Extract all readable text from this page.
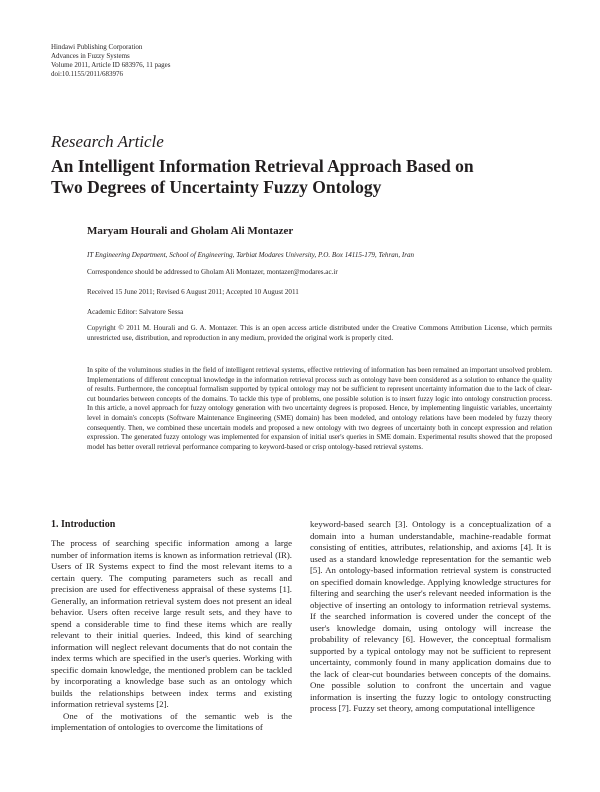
Hindawi Publishing Corporation
Advances in Fuzzy Systems
Volume 2011, Article ID 683976, 11 pages
doi:10.1155/2011/683976
Research Article
An Intelligent Information Retrieval Approach Based on
Two Degrees of Uncertainty Fuzzy Ontology
Maryam Hourali and Gholam Ali Montazer
IT Engineering Department, School of Engineering, Tarbiat Modares University, P.O. Box 14115-179, Tehran, Iran
Correspondence should be addressed to Gholam Ali Montazer, montazer@modares.ac.ir
Received 15 June 2011; Revised 6 August 2011; Accepted 10 August 2011
Academic Editor: Salvatore Sessa
Copyright © 2011 M. Hourali and G. A. Montazer. This is an open access article distributed under the Creative Commons Attribution License, which permits unrestricted use, distribution, and reproduction in any medium, provided the original work is properly cited.
In spite of the voluminous studies in the field of intelligent retrieval systems, effective retrieving of information has been remained an important unsolved problem. Implementations of different conceptual knowledge in the information retrieval process such as ontology have been considered as a solution to enhance the quality of results. Furthermore, the conceptual formalism supported by typical ontology may not be sufficient to represent uncertainty information due to the lack of clear-cut boundaries between concepts of the domains. To tackle this type of problems, one possible solution is to insert fuzzy logic into ontology construction process. In this article, a novel approach for fuzzy ontology generation with two uncertainty degrees is proposed. Hence, by implementing linguistic variables, uncertainty level in domain's concepts (Software Maintenance Engineering (SME) domain) has been modeled, and ontology relations have been modeled by fuzzy theory consequently. Then, we combined these uncertain models and proposed a new ontology with two degrees of uncertainty both in concept expression and relation expression. The generated fuzzy ontology was implemented for expansion of initial user's queries in SME domain. Experimental results showed that the proposed model has better overall retrieval performance comparing to keyword-based or crisp ontology-based retrieval systems.
1. Introduction

The process of searching specific information among a large number of information items is known as information retrieval (IR). Users of IR Systems expect to find the most relevant items to a certain query. The computing parameters such as recall and precision are used for effectiveness appraisal of these systems [1]. Generally, an information retrieval system does not present an ideal behavior. Users often receive large result sets, and they have to spend a considerable time to find these items which are really relevant to their initial queries. Indeed, this kind of searching information will neglect relevant documents that do not contain the index terms which are specified in the user's queries. Working with specific domain knowledge, the mentioned problem can be tackled by incorporating a knowledge base such as an ontology which builds the relationships between index terms and existing information retrieval systems [2].

One of the motivations of the semantic web is the implementation of ontologies to overcome the limitations of

keyword-based search [3]. Ontology is a conceptualization of a domain into a human understandable, machine-readable format consisting of entities, attributes, relationship, and axioms [4]. It is used as a standard knowledge representation for the semantic web [5]. An ontology-based information retrieval system is constructed on specified domain knowledge. Applying knowledge structures for filtering and searching the user's relevant needed information is the objective of inserting an ontology to information retrieval systems. If the searched information is covered under the concept of the user's knowledge domain, using ontology will increase the probability of relevancy [6]. However, the conceptual formalism supported by a typical ontology may not be sufficient to represent uncertainty, commonly found in many application domains due to the lack of clear-cut boundaries between concepts of the domains. One possible solution to confront the uncertain and vague information is inserting the fuzzy logic to ontology constructing process [7]. Fuzzy set theory, among computational intelligence
